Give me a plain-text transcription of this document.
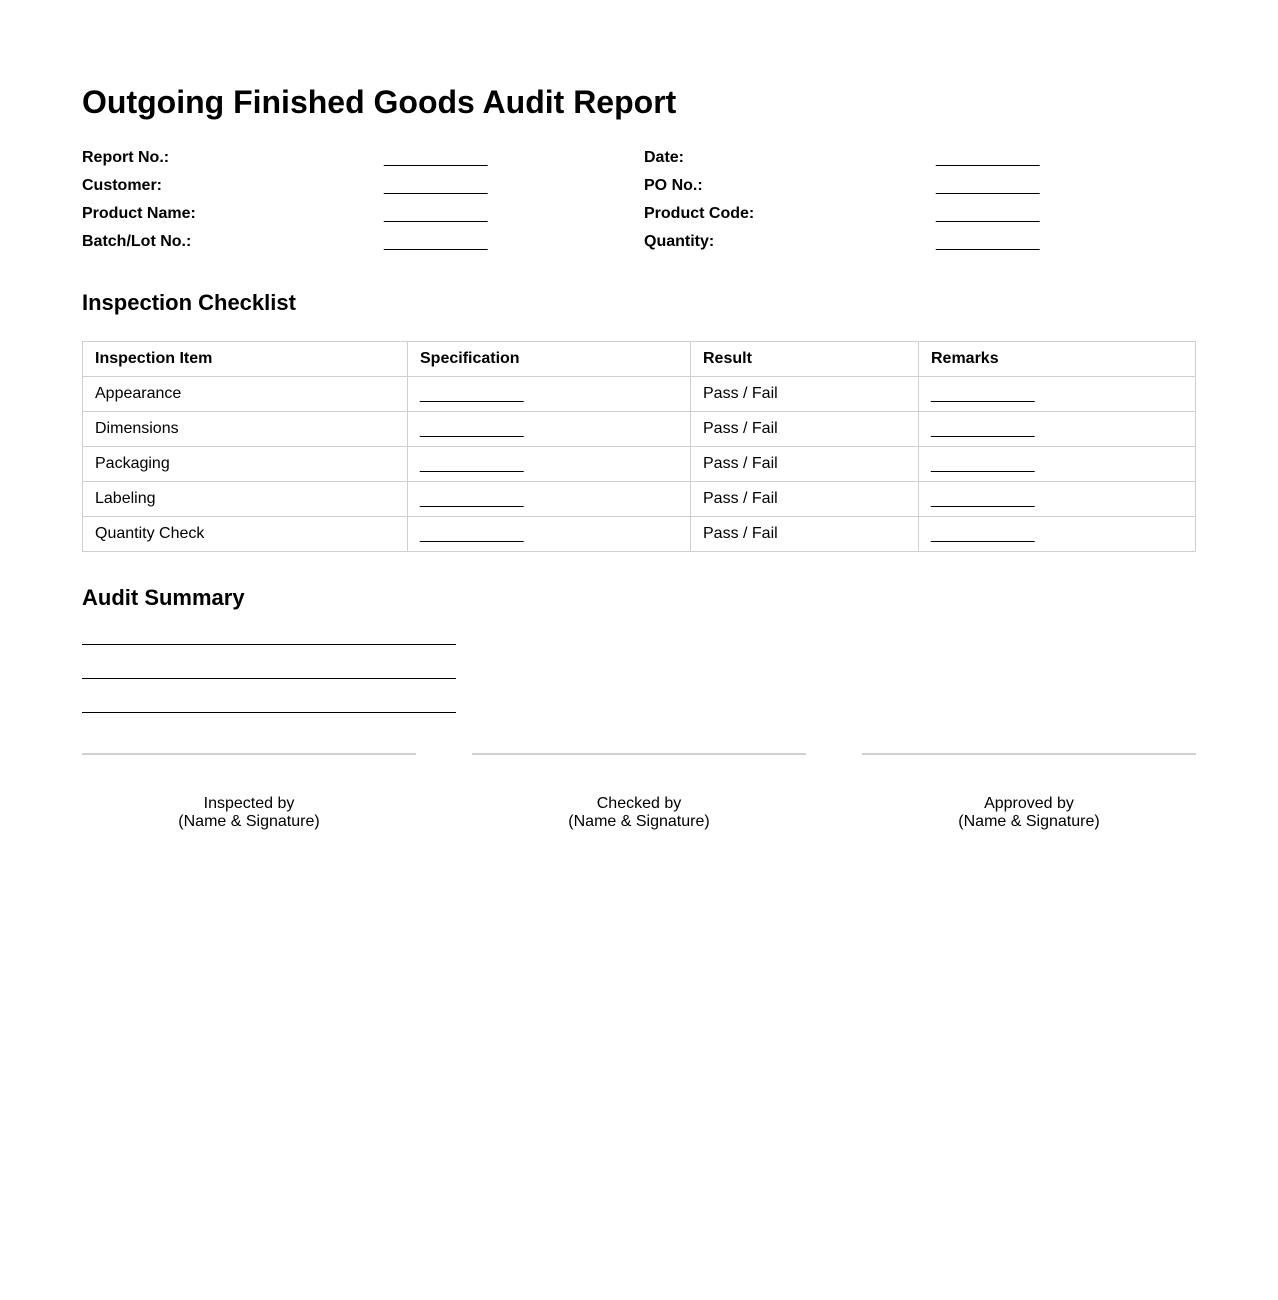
Outgoing Finished Goods Audit Report
Report No.:	____________	Date:	____________
Customer:	____________	PO No.:	____________
Product Name:	____________	Product Code:	____________
Batch/Lot No.:	____________	Quantity:	____________
Inspection Checklist
Inspection Item	Specification	Result	Remarks
Appearance	____________	Pass / Fail	____________
Dimensions	____________	Pass / Fail	____________
Packaging	____________	Pass / Fail	____________
Labeling	____________	Pass / Fail	____________
Quantity Check	____________	Pass / Fail	____________
Audit Summary
Inspected by
(Name & Signature)
Checked by
(Name & Signature)
Approved by
(Name & Signature)
